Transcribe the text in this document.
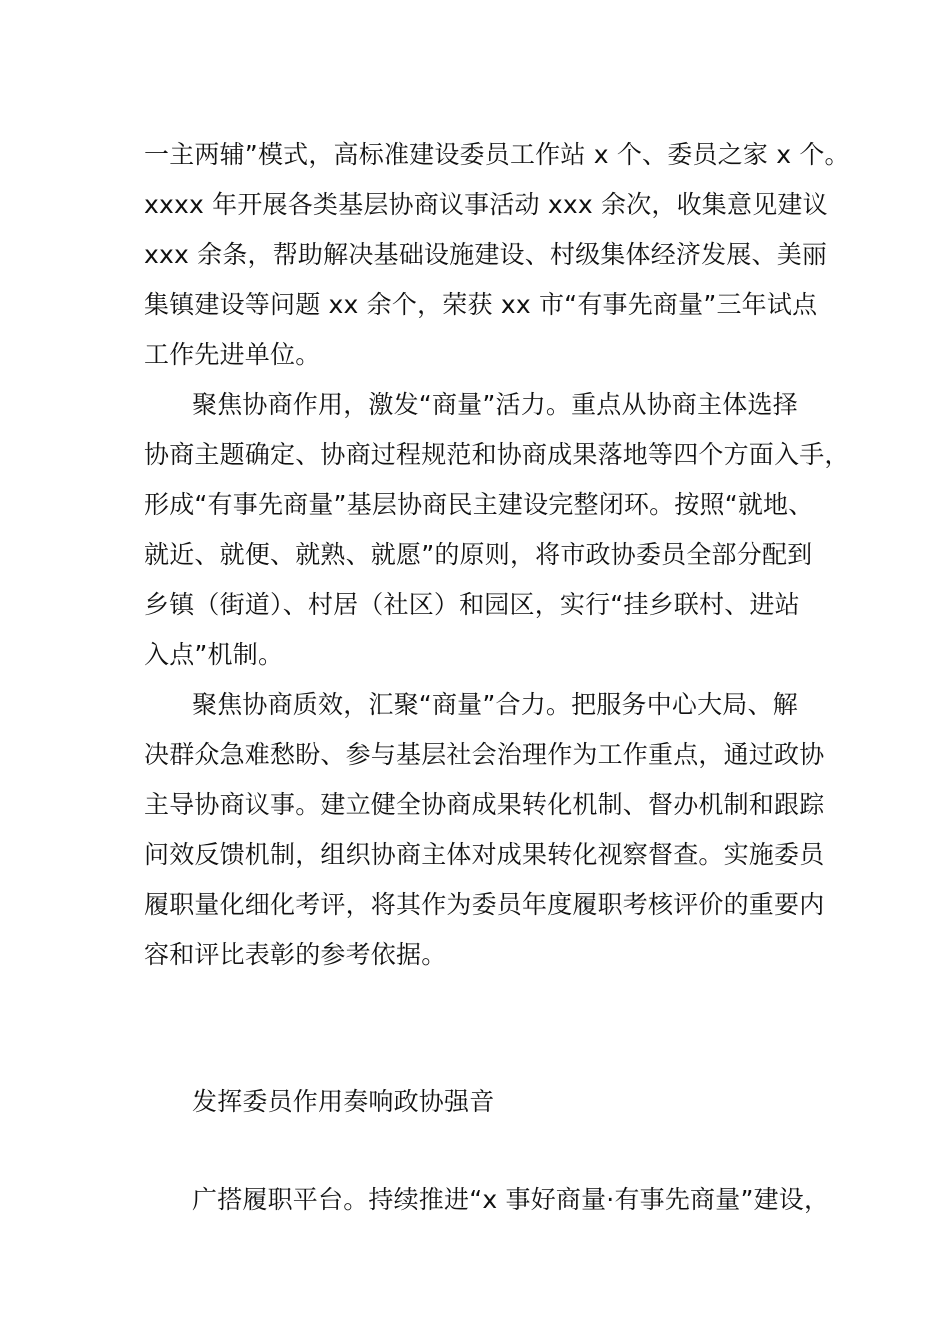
一主两辅”模式，高标准建设委员工作站 x 个、委员之家 x 个。
xxxx 年开展各类基层协商议事活动 xxx 余次，收集意见建议
xxx 余条，帮助解决基础设施建设、村级集体经济发展、美丽
集镇建设等问题 xx 余个，荣获 xx 市“有事先商量”三年试点
工作先进单位。
聚焦协商作用，激发“商量”活力。重点从协商主体选择
协商主题确定、协商过程规范和协商成果落地等四个方面入手，
形成“有事先商量”基层协商民主建设完整闭环。按照“就地、
就近、就便、就熟、就愿”的原则，将市政协委员全部分配到
乡镇（街道）、村居（社区）和园区，实行“挂乡联村、进站
入点”机制。
聚焦协商质效，汇聚“商量”合力。把服务中心大局、解
决群众急难愁盼、参与基层社会治理作为工作重点，通过政协
主导协商议事。建立健全协商成果转化机制、督办机制和跟踪
问效反馈机制，组织协商主体对成果转化视察督查。实施委员
履职量化细化考评，将其作为委员年度履职考核评价的重要内
容和评比表彰的参考依据。
发挥委员作用奏响政协强音
广搭履职平台。持续推进“x 事好商量·有事先商量”建设，
